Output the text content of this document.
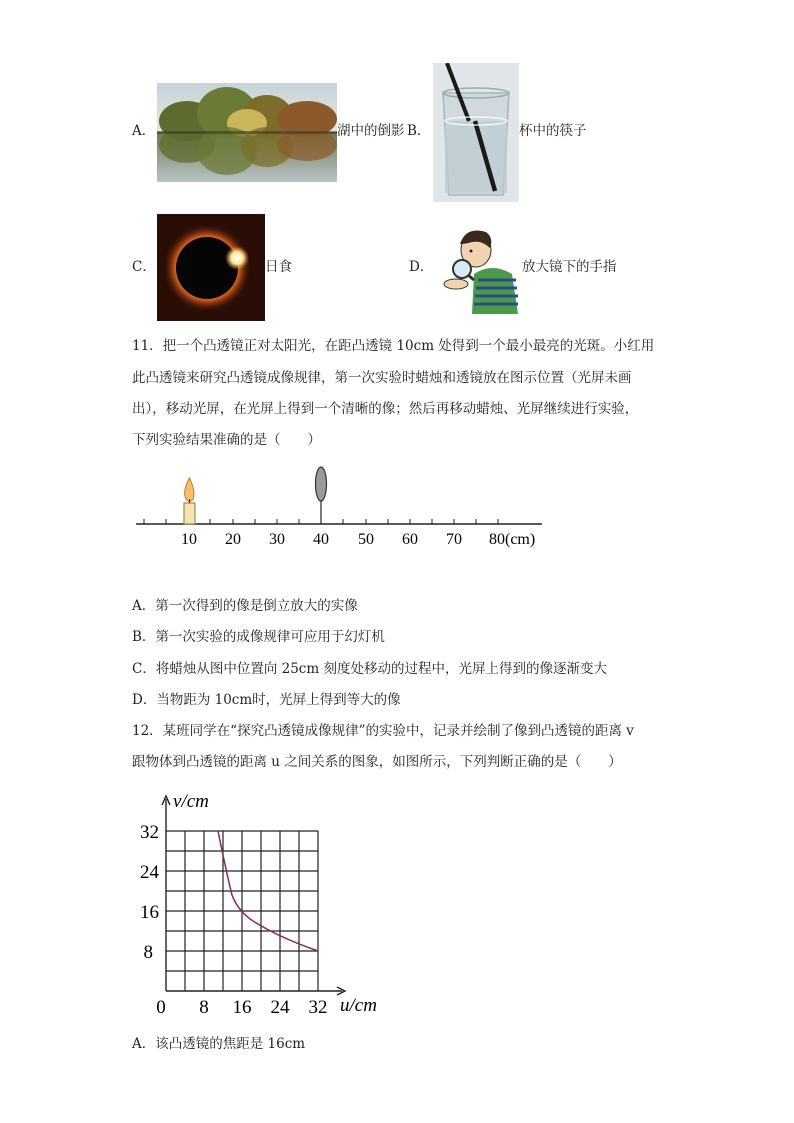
A．	湖中的倒影 B．	杯中的筷子
C．	日食	D．	放大镜下的手指
11．把一个凸透镜正对太阳光，在距凸透镜 10cm 处得到一个最小最亮的光斑。小红用
此凸透镜来研究凸透镜成像规律，第一次实验时蜡烛和透镜放在图示位置（光屏未画
出），移动光屏，在光屏上得到一个清晰的像；然后再移动蜡烛、光屏继续进行实验，
下列实验结果准确的是（　　）
10 20 30 40 50 60 70 80(cm)
A．第一次得到的像是倒立放大的实像
B．第一次实验的成像规律可应用于幻灯机
C．将蜡烛从图中位置向 25cm 刻度处移动的过程中，光屏上得到的像逐渐变大
D．当物距为 10cm时，光屏上得到等大的像
12．某班同学在“探究凸透镜成像规律”的实验中，记录并绘制了像到凸透镜的距离 v
跟物体到凸透镜的距离 u 之间关系的图象，如图所示，下列判断正确的是（　　）
v/cm
u/cm
32
24
16
8
0 8 16 24 32
A．该凸透镜的焦距是 16cm
